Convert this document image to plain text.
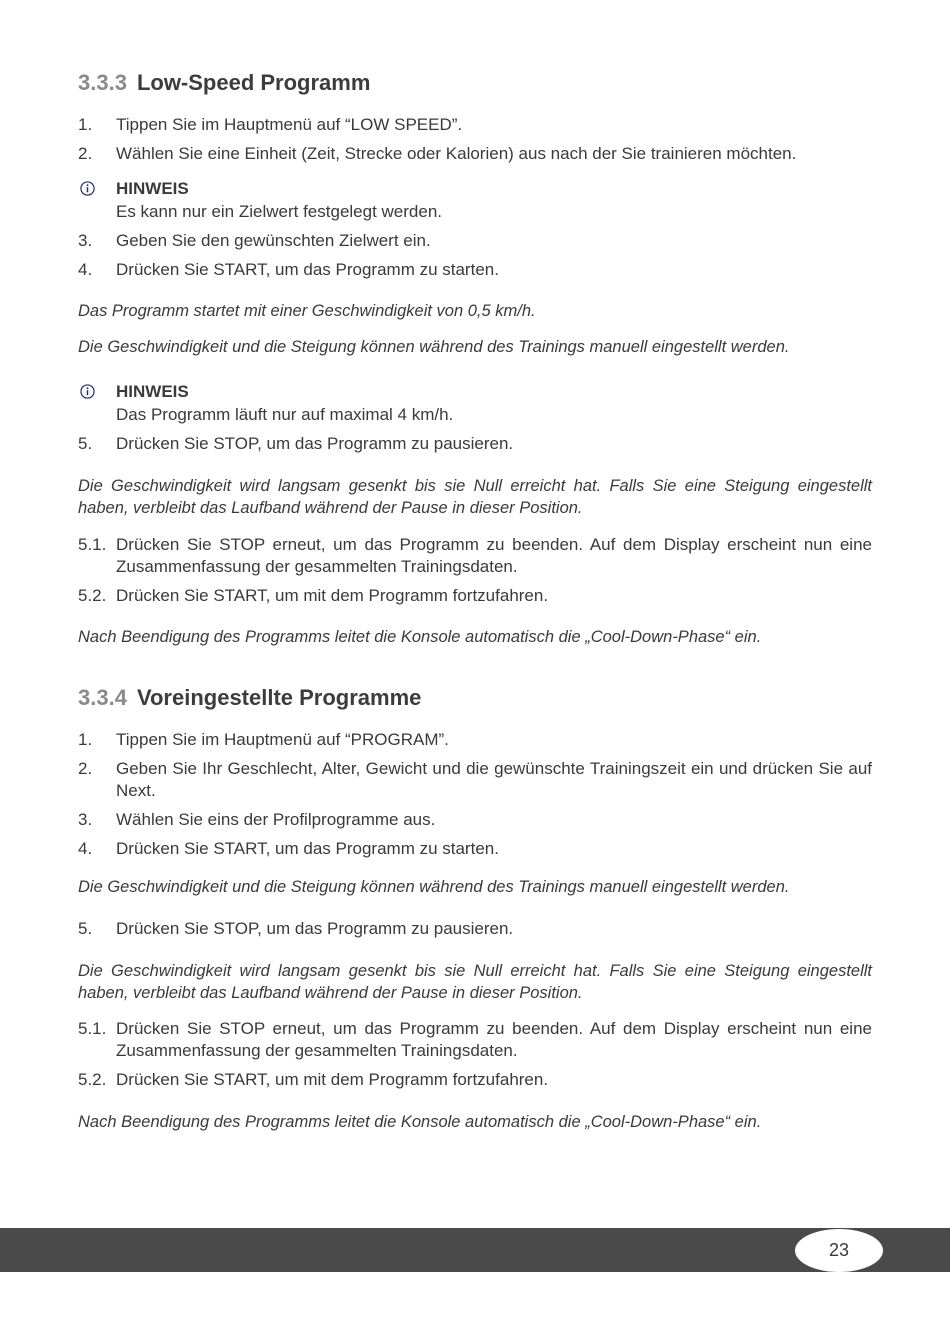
3.3.3 Low-Speed Programm
1. Tippen Sie im Hauptmenü auf “LOW SPEED”.
2. Wählen Sie eine Einheit (Zeit, Strecke oder Kalorien) aus nach der Sie trainieren möchten.
HINWEIS
Es kann nur ein Zielwert festgelegt werden.
3. Geben Sie den gewünschten Zielwert ein.
4. Drücken Sie START, um das Programm zu starten.
Das Programm startet mit einer Geschwindigkeit von 0,5 km/h.
Die Geschwindigkeit und die Steigung können während des Trainings manuell eingestellt werden.
HINWEIS
Das Programm läuft nur auf maximal 4 km/h.
5. Drücken Sie STOP, um das Programm zu pausieren.
Die Geschwindigkeit wird langsam gesenkt bis sie Null erreicht hat. Falls Sie eine Steigung eingestellt haben, verbleibt das Laufband während der Pause in dieser Position.
5.1. Drücken Sie STOP erneut, um das Programm zu beenden. Auf dem Display erscheint nun eine Zusammenfassung der gesammelten Trainingsdaten.
5.2. Drücken Sie START, um mit dem Programm fortzufahren.
Nach Beendigung des Programms leitet die Konsole automatisch die „Cool-Down-Phase“ ein.
3.3.4 Voreingestellte Programme
1. Tippen Sie im Hauptmenü auf “PROGRAM”.
2. Geben Sie Ihr Geschlecht, Alter, Gewicht und die gewünschte Trainingszeit ein und drücken Sie auf Next.
3. Wählen Sie eins der Profilprogramme aus.
4. Drücken Sie START, um das Programm zu starten.
Die Geschwindigkeit und die Steigung können während des Trainings manuell eingestellt werden.
5. Drücken Sie STOP, um das Programm zu pausieren.
Die Geschwindigkeit wird langsam gesenkt bis sie Null erreicht hat. Falls Sie eine Steigung eingestellt haben, verbleibt das Laufband während der Pause in dieser Position.
5.1. Drücken Sie STOP erneut, um das Programm zu beenden. Auf dem Display erscheint nun eine Zusammenfassung der gesammelten Trainingsdaten.
5.2. Drücken Sie START, um mit dem Programm fortzufahren.
Nach Beendigung des Programms leitet die Konsole automatisch die „Cool-Down-Phase“ ein.
23
